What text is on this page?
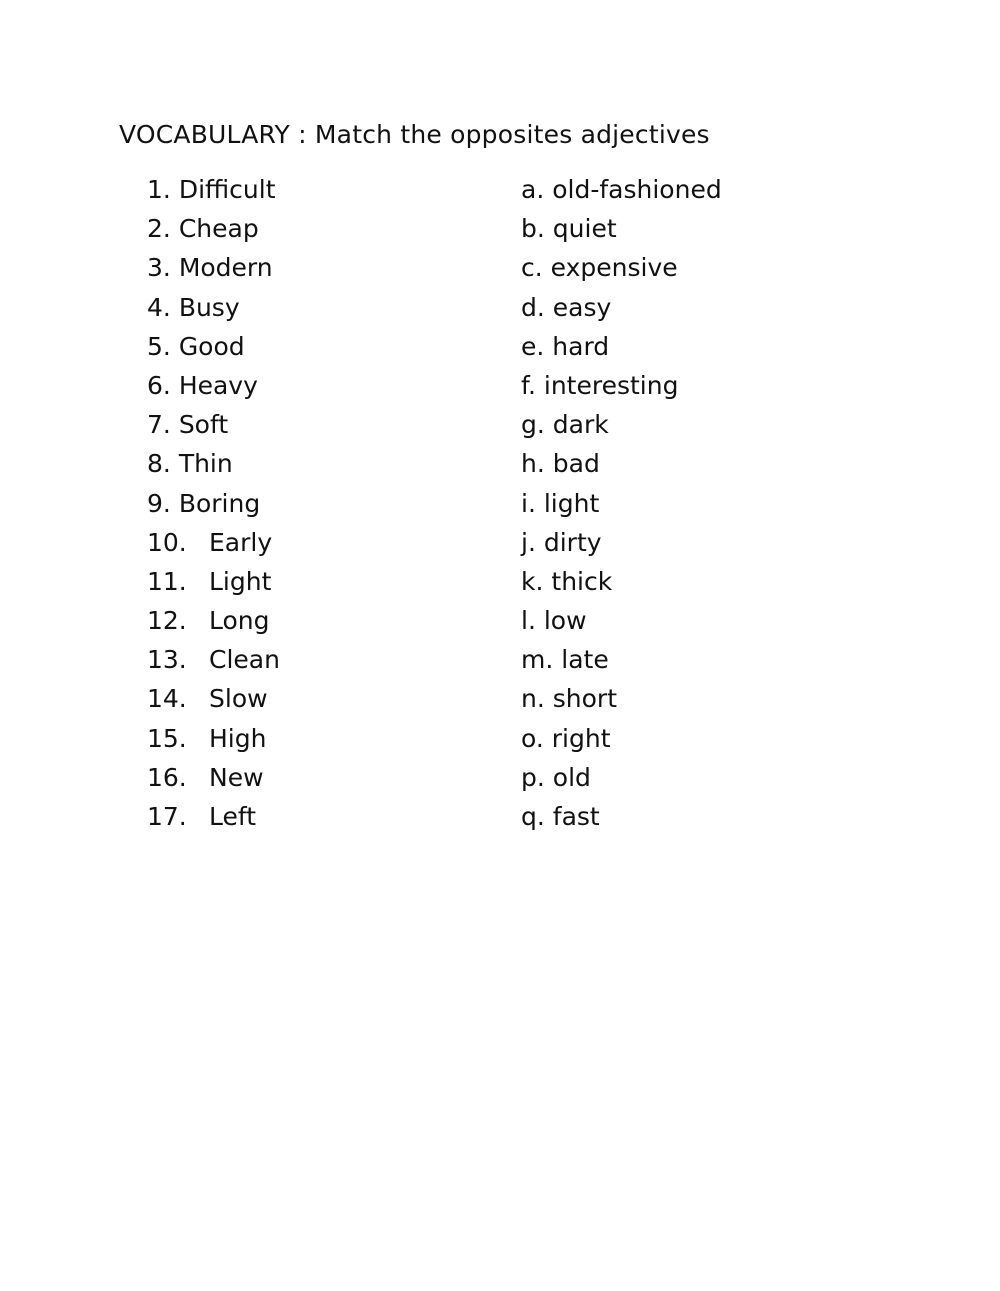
VOCABULARY : Match the opposites adjectives
1.
Difficult
2.
Cheap
3.
Modern
4.
Busy
5.
Good
6.
Heavy
7.
Soft
8.
Thin
9.
Boring
10. Early
11. Light
12. Long
13. Clean
14. Slow
15. High
16. New
17. Left
a.
old-fashioned
b.
quiet
c.
expensive
d.
easy
e.
hard
f.
interesting
g.
dark
h.
bad
i.
light
j.
dirty
k.
thick
l.
low
m.
late
n.
short
o.
right
p.
old
q.
fast
